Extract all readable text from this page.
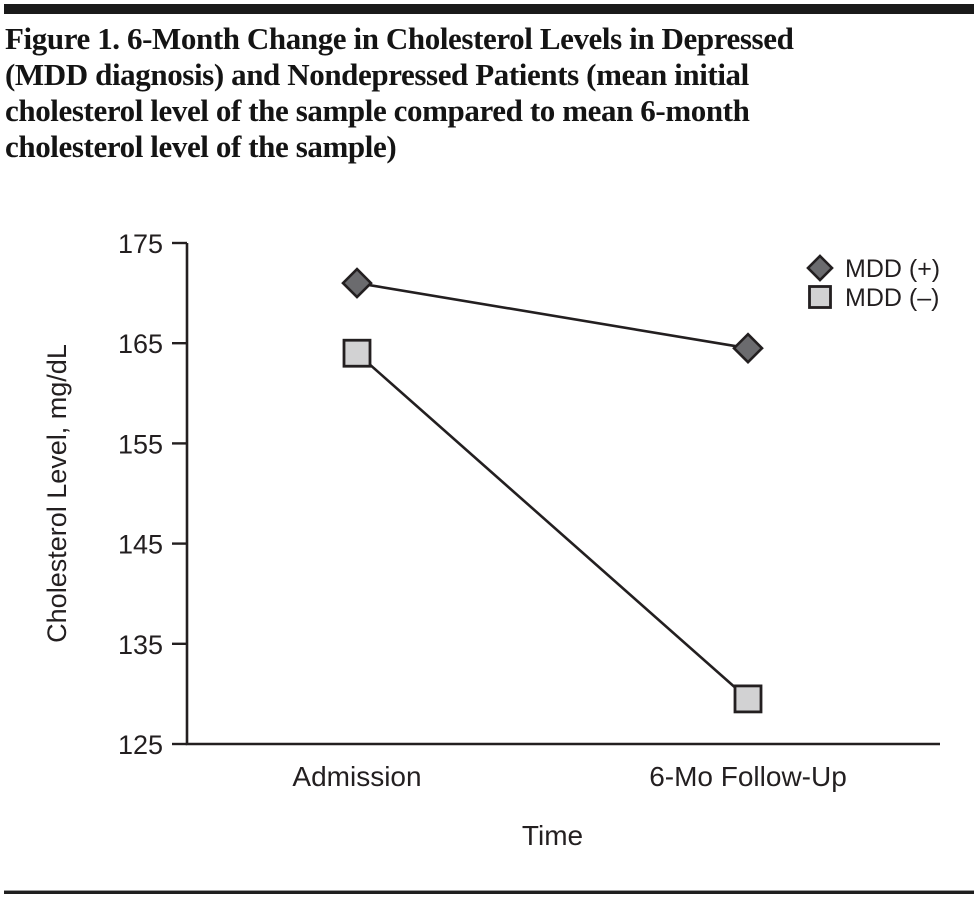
Figure 1. 6-Month Change in Cholesterol Levels in Depressed
(MDD diagnosis) and Nondepressed Patients (mean initial
cholesterol level of the sample compared to mean 6-month
cholesterol level of the sample)
175
165
155
145
135
125
Admission	6-Mo Follow-Up
Time
Cholesterol Level, mg/dL
MDD (+)
MDD (–)
